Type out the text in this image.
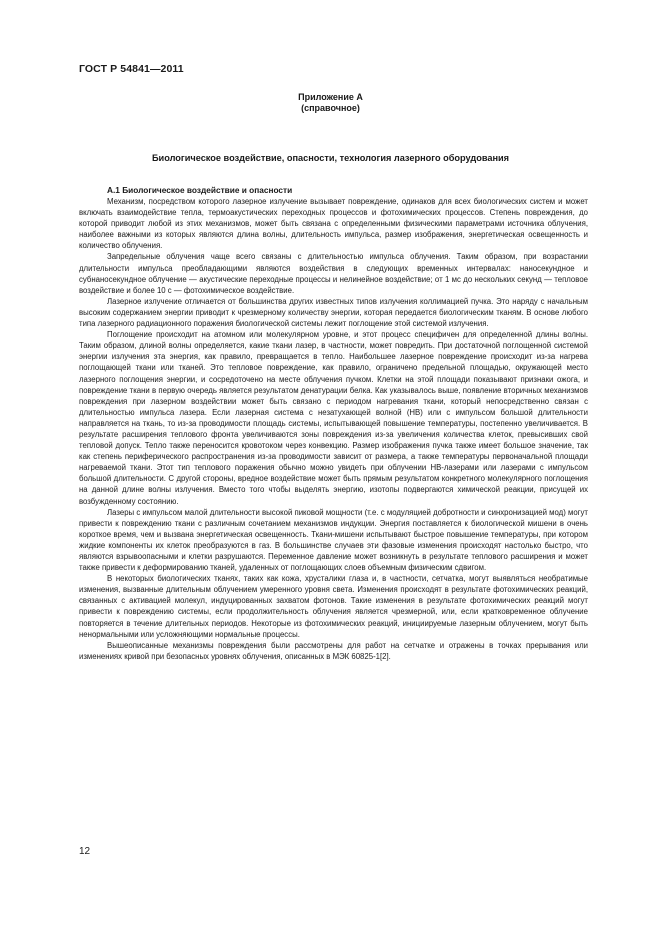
ГОСТ Р 54841—2011
Приложение А
(справочное)
Биологическое воздействие, опасности, технология лазерного оборудования
А.1 Биологическое воздействие и опасности

Механизм, посредством которого лазерное излучение вызывает повреждение, одинаков для всех биологических систем и может включать взаимодействие тепла, термоакустических переходных процессов и фотохимических процессов. Степень повреждения, до которой приводит любой из этих механизмов, может быть связана с определенными физическими параметрами источника облучения, наиболее важными из которых являются длина волны, длительность импульса, размер изображения, энергетическая освещенность и количество облучения.

Запредельные облучения чаще всего связаны с длительностью импульса облучения. Таким образом, при возрастании длительности импульса преобладающими являются воздействия в следующих временных интервалах: наносекундное и субнаносекундное облучение — акустические переходные процессы и нелинейное воздействие; от 1 мс до нескольких секунд — тепловое воздействие и более 10 с — фотохимическое воздействие.

Лазерное излучение отличается от большинства других известных типов излучения коллимацией пучка. Это наряду с начальным высоким содержанием энергии приводит к чрезмерному количеству энергии, которая передается биологическим тканям. В основе любого типа лазерного радиационного поражения биологической системы лежит поглощение этой системой излучения.

Поглощение происходит на атомном или молекулярном уровне, и этот процесс специфичен для определенной длины волны. Таким образом, длиной волны определяется, какие ткани лазер, в частности, может повредить. При достаточной поглощенной системой энергии излучения эта энергия, как правило, превращается в тепло. Наибольшее лазерное повреждение происходит из-за нагрева поглощающей ткани или тканей. Это тепловое повреждение, как правило, ограничено предельной площадью, окружающей место лазерного поглощения энергии, и сосредоточено на месте облучения пучком. Клетки на этой площади показывают признаки ожога, и повреждение ткани в первую очередь является результатом денатурации белка. Как указывалось выше, появление вторичных механизмов повреждения при лазерном воздействии может быть связано с периодом нагревания ткани, который непосредственно связан с длительностью импульса лазера. Если лазерная система с незатухающей волной (НВ) или с импульсом большой длительности направляется на ткань, то из-за проводимости площадь системы, испытывающей повышение температуры, постепенно увеличивается. В результате расширения теплового фронта увеличиваются зоны повреждения из-за увеличения количества клеток, превысивших свой тепловой допуск. Тепло также переносится кровотоком через конвекцию. Размер изображения пучка также имеет большое значение, так как степень периферического распространения из-за проводимости зависит от размера, а также температуры первоначальной площади нагреваемой ткани. Этот тип теплового поражения обычно можно увидеть при облучении НВ-лазерами или лазерами с импульсом большой длительности. С другой стороны, вредное воздействие может быть прямым результатом конкретного молекулярного поглощения на данной длине волны излучения. Вместо того чтобы выделять энергию, изотопы подвергаются химической реакции, присущей их возбужденному состоянию.

Лазеры с импульсом малой длительности высокой пиковой мощности (т.е. с модуляцией добротности и синхронизацией мод) могут привести к повреждению ткани с различным сочетанием механизмов индукции. Энергия поставляется к биологической мишени в очень короткое время, чем и вызвана энергетическая освещенность. Ткани-мишени испытывают быстрое повышение температуры, при котором жидкие компоненты их клеток преобразуются в газ. В большинстве случаев эти фазовые изменения происходят настолько быстро, что являются взрывоопасными и клетки разрушаются. Переменное давление может возникнуть в результате теплового расширения и может также привести к деформированию тканей, удаленных от поглощающих слоев объемным физическим сдвигом.

В некоторых биологических тканях, таких как кожа, хрусталики глаза и, в частности, сетчатка, могут выявляться необратимые изменения, вызванные длительным облучением умеренного уровня света. Изменения происходят в результате фотохимических реакций, связанных с активацией молекул, индуцированных захватом фотонов. Такие изменения в результате фотохимических реакций могут привести к повреждению системы, если продолжительность облучения является чрезмерной, или, если кратковременное облучение повторяется в течение длительных периодов. Некоторые из фотохимических реакций, инициируемые лазерным облучением, могут быть ненормальными или усложняющими нормальные процессы.

Вышеописанные механизмы повреждения были рассмотрены для работ на сетчатке и отражены в точках прерывания или изменениях кривой при безопасных уровнях облучения, описанных в МЭК 60825-1[2].

12
